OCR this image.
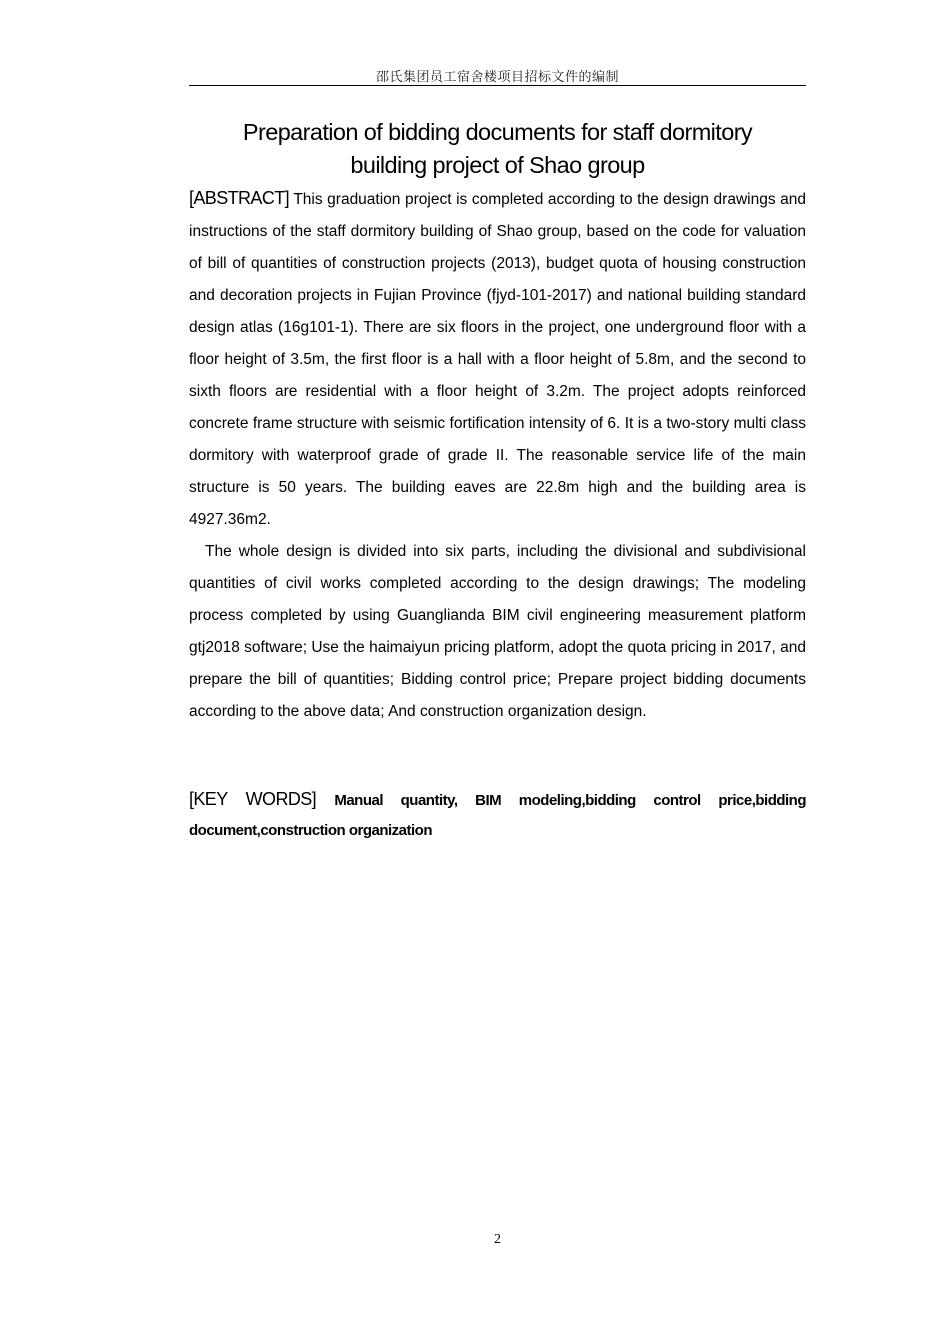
邵氏集团员工宿舍楼项目招标文件的编制
Preparation of bidding documents for staff dormitory
building project of Shao group

[ABSTRACT] This graduation project is completed according to the design drawings and instructions of the staff dormitory building of Shao group, based on the code for valuation of bill of quantities of construction projects (2013), budget quota of housing construction and decoration projects in Fujian Province (fjyd-101-2017) and national building standard design atlas (16g101-1). There are six floors in the project, one underground floor with a floor height of 3.5m, the first floor is a hall with a floor height of 5.8m, and the second to sixth floors are residential with a floor height of 3.2m. The project adopts reinforced concrete frame structure with seismic fortification intensity of 6. It is a two-story multi class dormitory with waterproof grade of grade II. The reasonable service life of the main structure is 50 years. The building eaves are 22.8m high and the building area is 4927.36m2.

The whole design is divided into six parts, including the divisional and subdivisional quantities of civil works completed according to the design drawings; The modeling process completed by using Guanglianda BIM civil engineering measurement platform gtj2018 software; Use the haimaiyun pricing platform, adopt the quota pricing in 2017, and prepare the bill of quantities; Bidding control price; Prepare project bidding documents according to the above data; And construction organization design.

[KEY WORDS] Manual quantity, BIM modeling,bidding control price,bidding document,construction organization
2
